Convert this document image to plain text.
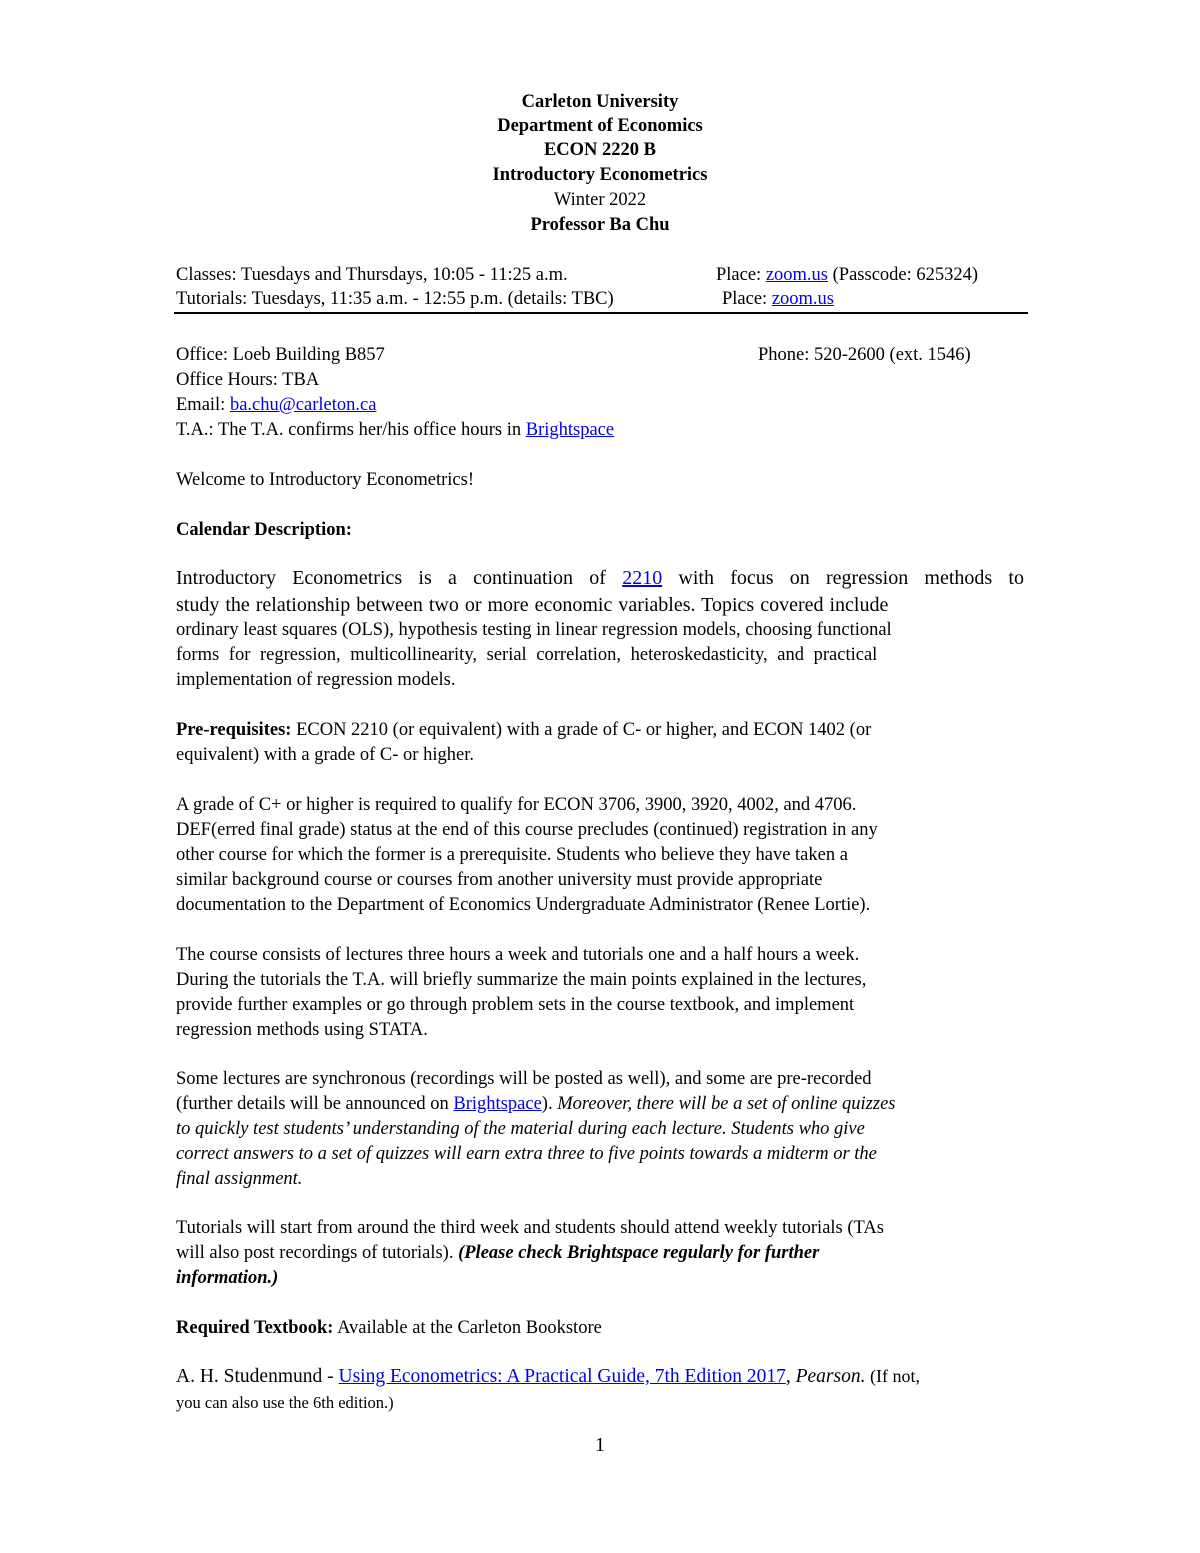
Carleton University
Department of Economics
ECON 2220 B
Introductory Econometrics
Winter 2022
Professor Ba Chu
Classes: Tuesdays and Thursdays, 10:05 - 11:25 a.m.	Place: zoom.us (Passcode: 625324)
Tutorials: Tuesdays, 11:35 a.m. - 12:55 p.m. (details: TBC)	Place: zoom.us
Office: Loeb Building B857	Phone: 520-2600 (ext. 1546)
Office Hours: TBA
Email: ba.chu@carleton.ca
T.A.: The T.A. confirms her/his office hours in Brightspace
Welcome to Introductory Econometrics!
Calendar Description:
Introductory Econometrics is a continuation of 2210 with focus on regression methods to
study the relationship between two or more economic variables. Topics covered include
ordinary least squares (OLS), hypothesis testing in linear regression models, choosing functional
forms for regression, multicollinearity, serial correlation, heteroskedasticity, and practical
implementation of regression models.
Pre-requisites: ECON 2210 (or equivalent) with a grade of C- or higher, and ECON 1402 (or
equivalent) with a grade of C- or higher.
A grade of C+ or higher is required to qualify for ECON 3706, 3900, 3920, 4002, and 4706.
DEF(erred final grade) status at the end of this course precludes (continued) registration in any
other course for which the former is a prerequisite. Students who believe they have taken a
similar background course or courses from another university must provide appropriate
documentation to the Department of Economics Undergraduate Administrator (Renee Lortie).
The course consists of lectures three hours a week and tutorials one and a half hours a week.
During the tutorials the T.A. will briefly summarize the main points explained in the lectures,
provide further examples or go through problem sets in the course textbook, and implement
regression methods using STATA.
Some lectures are synchronous (recordings will be posted as well), and some are pre-recorded
(further details will be announced on Brightspace). Moreover, there will be a set of online quizzes
to quickly test students’ understanding of the material during each lecture. Students who give
correct answers to a set of quizzes will earn extra three to five points towards a midterm or the
final assignment.
Tutorials will start from around the third week and students should attend weekly tutorials (TAs
will also post recordings of tutorials). (Please check Brightspace regularly for further
information.)
Required Textbook: Available at the Carleton Bookstore
A. H. Studenmund - Using Econometrics: A Practical Guide, 7th Edition 2017, Pearson. (If not,
you can also use the 6th edition.)
1
